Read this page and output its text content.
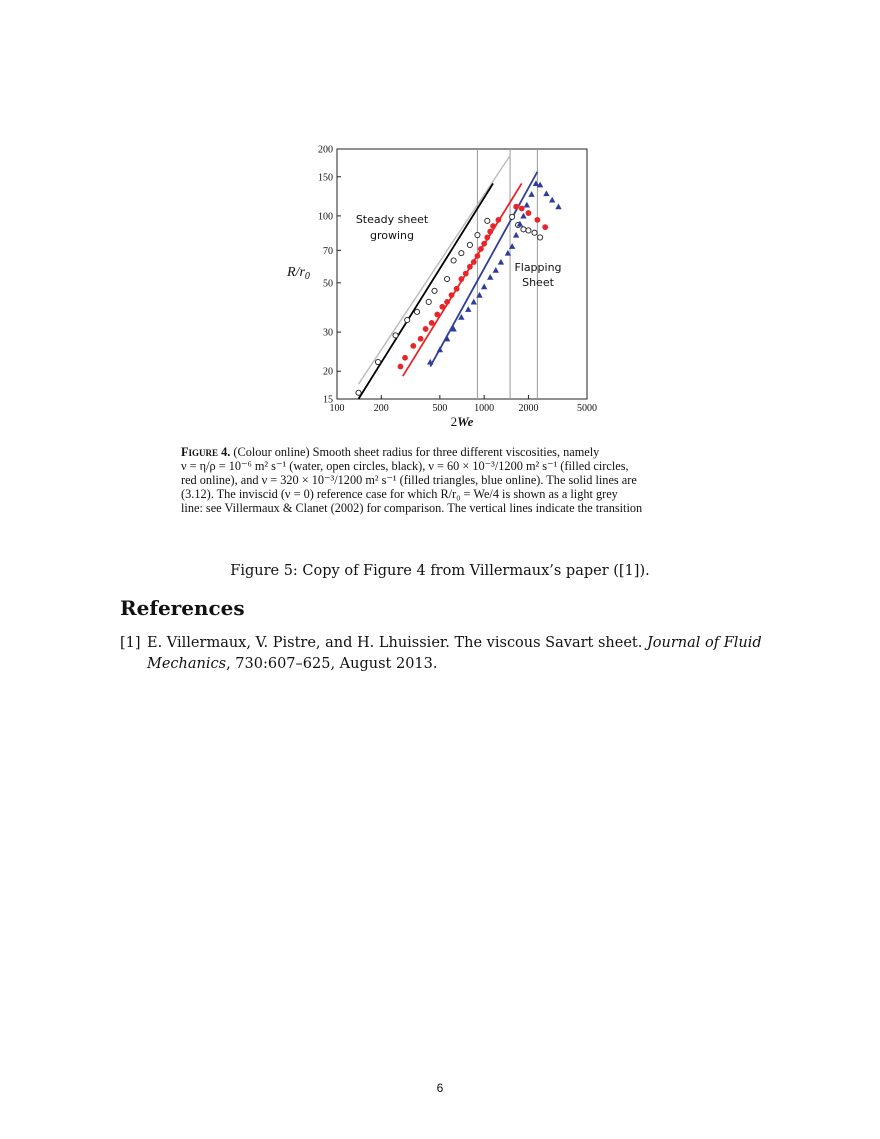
100	200	500	1000 2000	5000
15
20
30
50
70
100
150
200
Steady sheet
growing
Flapping
Sheet
$R/r_0$
2We
Figure 4. (Colour online) Smooth sheet radius for three different viscosities, namely
ν = η/ρ = 10⁻⁶ m² s⁻¹ (water, open circles, black), ν = 60 × 10⁻³/1200 m² s⁻¹ (filled circles,
red online), and ν = 320 × 10⁻³/1200 m² s⁻¹ (filled triangles, blue online). The solid lines are
(3.12). The inviscid (ν = 0) reference case for which R/r₀ = We/4 is shown as a light grey
line: see Villermaux & Clanet (2002) for comparison. The vertical lines indicate the transition
Figure 5: Copy of Figure 4 from Villermaux’s paper ([1]).
References
[1] E. Villermaux, V. Pistre, and H. Lhuissier. The viscous Savart sheet. Journal of Fluid Mechanics, 730:607–625, August 2013.
6
